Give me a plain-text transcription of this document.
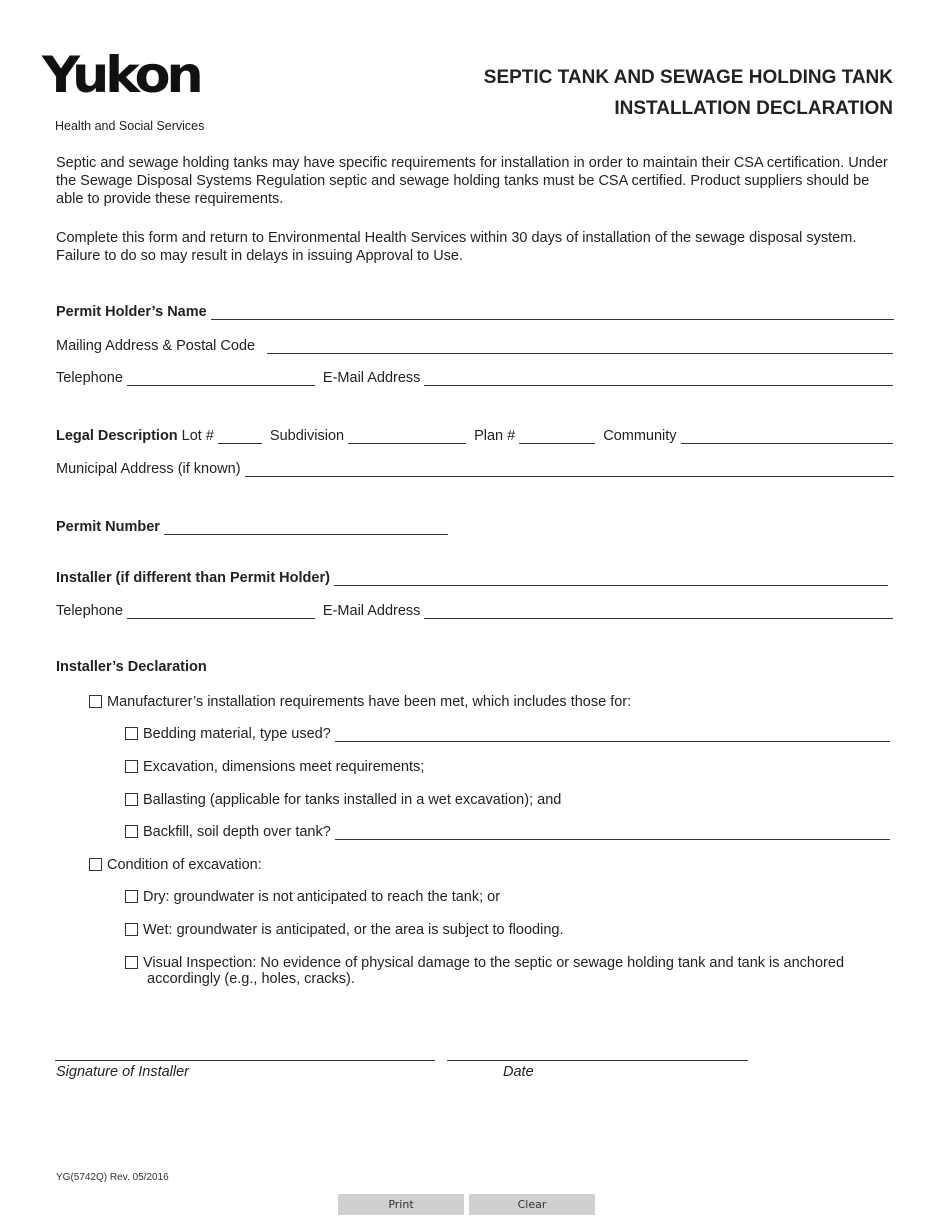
Yukon
Health and Social Services
SEPTIC TANK AND SEWAGE HOLDING TANK
INSTALLATION DECLARATION
Septic and sewage holding tanks may have specific requirements for installation in order to maintain their CSA certification. Under the Sewage Disposal Systems Regulation septic and sewage holding tanks must be CSA certified. Product suppliers should be able to provide these requirements.
Complete this form and return to Environmental Health Services within 30 days of installation of the sewage disposal system. Failure to do so may result in delays in issuing Approval to Use.
Permit Holder’s Name
Mailing Address & Postal Code
Telephone	E-Mail Address
Legal Description Lot #	Subdivision	Plan #	Community
Municipal Address (if known)
Permit Number
Installer (if different than Permit Holder)
Telephone	E-Mail Address
Installer’s Declaration
Manufacturer’s installation requirements have been met, which includes those for:
Bedding material, type used?
Excavation, dimensions meet requirements;
Ballasting (applicable for tanks installed in a wet excavation); and
Backfill, soil depth over tank?
Condition of excavation:
Dry: groundwater is not anticipated to reach the tank; or
Wet: groundwater is anticipated, or the area is subject to flooding.
Visual Inspection: No evidence of physical damage to the septic or sewage holding tank and tank is anchored
accordingly (e.g., holes, cracks).
Signature of Installer	Date
YG(5742Q) Rev. 05/2016
Print	Clear
